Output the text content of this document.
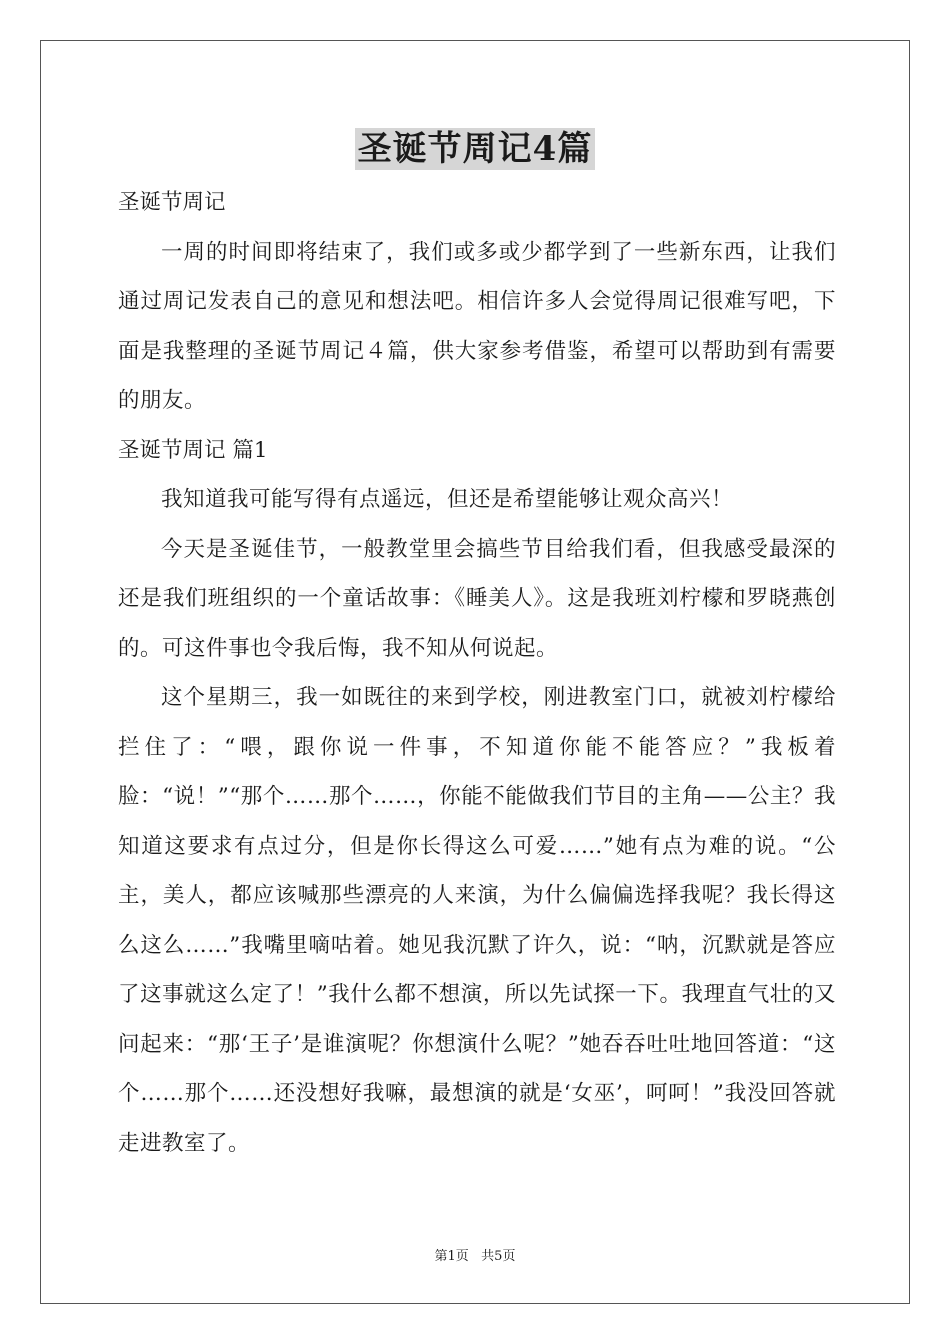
圣诞节周记4篇

圣诞节周记

一周的时间即将结束了，我们或多或少都学到了一些新东西，让我们通过周记发表自己的意见和想法吧。相信许多人会觉得周记很难写吧，下面是我整理的圣诞节周记４篇，供大家参考借鉴，希望可以帮助到有需要的朋友。

圣诞节周记 篇1

我知道我可能写得有点遥远，但还是希望能够让观众高兴！

今天是圣诞佳节，一般教堂里会搞些节目给我们看，但我感受最深的还是我们班组织的一个童话故事：《睡美人》。这是我班刘柠檬和罗晓燕创的。可这件事也令我后悔，我不知从何说起。

这个星期三，我一如既往的来到学校，刚进教室门口，就被刘柠檬给拦住了：“喂，跟你说一件事，不知道你能不能答应？”我板着脸：“说！”“那个……那个……，你能不能做我们节目的主角——公主？我知道这要求有点过分，但是你长得这么可爱……”她有点为难的说。“公主，美人，都应该喊那些漂亮的人来演，为什么偏偏选择我呢？我长得这么这么……”我嘴里嘀咕着。她见我沉默了许久，说：“呐，沉默就是答应了这事就这么定了！”我什么都不想演，所以先试探一下。我理直气壮的又问起来：“那‘王子’是谁演呢？你想演什么呢？”她吞吞吐吐地回答道：“这个……那个……还没想好我嘛，最想演的就是‘女巫’，呵呵！”我没回答就走进教室了。

第1页   共5页
